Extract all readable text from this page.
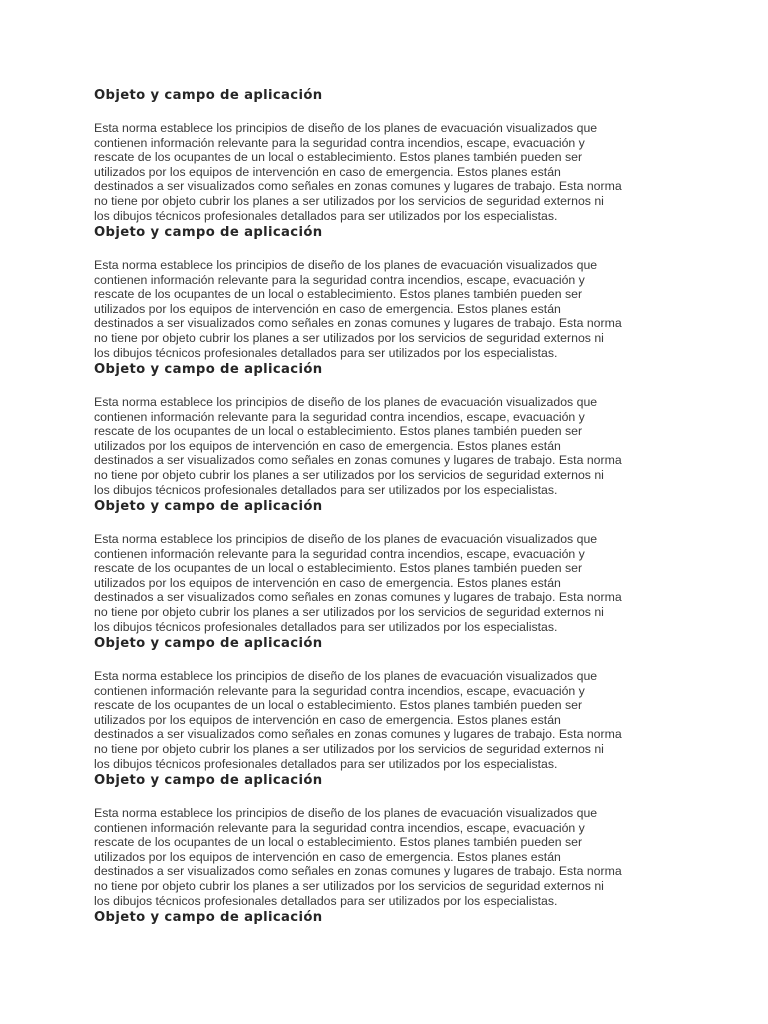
Objeto y campo de aplicación

Esta norma establece los principios de diseño de los planes de evacuación visualizados que
contienen información relevante para la seguridad contra incendios, escape, evacuación y
rescate de los ocupantes de un local o establecimiento. Estos planes también pueden ser
utilizados por los equipos de intervención en caso de emergencia. Estos planes están
destinados a ser visualizados como señales en zonas comunes y lugares de trabajo. Esta norma
no tiene por objeto cubrir los planes a ser utilizados por los servicios de seguridad externos ni
los dibujos técnicos profesionales detallados para ser utilizados por los especialistas.

Objeto y campo de aplicación

Esta norma establece los principios de diseño de los planes de evacuación visualizados que
contienen información relevante para la seguridad contra incendios, escape, evacuación y
rescate de los ocupantes de un local o establecimiento. Estos planes también pueden ser
utilizados por los equipos de intervención en caso de emergencia. Estos planes están
destinados a ser visualizados como señales en zonas comunes y lugares de trabajo. Esta norma
no tiene por objeto cubrir los planes a ser utilizados por los servicios de seguridad externos ni
los dibujos técnicos profesionales detallados para ser utilizados por los especialistas.

Objeto y campo de aplicación

Esta norma establece los principios de diseño de los planes de evacuación visualizados que
contienen información relevante para la seguridad contra incendios, escape, evacuación y
rescate de los ocupantes de un local o establecimiento. Estos planes también pueden ser
utilizados por los equipos de intervención en caso de emergencia. Estos planes están
destinados a ser visualizados como señales en zonas comunes y lugares de trabajo. Esta norma
no tiene por objeto cubrir los planes a ser utilizados por los servicios de seguridad externos ni
los dibujos técnicos profesionales detallados para ser utilizados por los especialistas.

Objeto y campo de aplicación

Esta norma establece los principios de diseño de los planes de evacuación visualizados que
contienen información relevante para la seguridad contra incendios, escape, evacuación y
rescate de los ocupantes de un local o establecimiento. Estos planes también pueden ser
utilizados por los equipos de intervención en caso de emergencia. Estos planes están
destinados a ser visualizados como señales en zonas comunes y lugares de trabajo. Esta norma
no tiene por objeto cubrir los planes a ser utilizados por los servicios de seguridad externos ni
los dibujos técnicos profesionales detallados para ser utilizados por los especialistas.

Objeto y campo de aplicación

Esta norma establece los principios de diseño de los planes de evacuación visualizados que
contienen información relevante para la seguridad contra incendios, escape, evacuación y
rescate de los ocupantes de un local o establecimiento. Estos planes también pueden ser
utilizados por los equipos de intervención en caso de emergencia. Estos planes están
destinados a ser visualizados como señales en zonas comunes y lugares de trabajo. Esta norma
no tiene por objeto cubrir los planes a ser utilizados por los servicios de seguridad externos ni
los dibujos técnicos profesionales detallados para ser utilizados por los especialistas.

Objeto y campo de aplicación

Esta norma establece los principios de diseño de los planes de evacuación visualizados que
contienen información relevante para la seguridad contra incendios, escape, evacuación y
rescate de los ocupantes de un local o establecimiento. Estos planes también pueden ser
utilizados por los equipos de intervención en caso de emergencia. Estos planes están
destinados a ser visualizados como señales en zonas comunes y lugares de trabajo. Esta norma
no tiene por objeto cubrir los planes a ser utilizados por los servicios de seguridad externos ni
los dibujos técnicos profesionales detallados para ser utilizados por los especialistas.

Objeto y campo de aplicación
